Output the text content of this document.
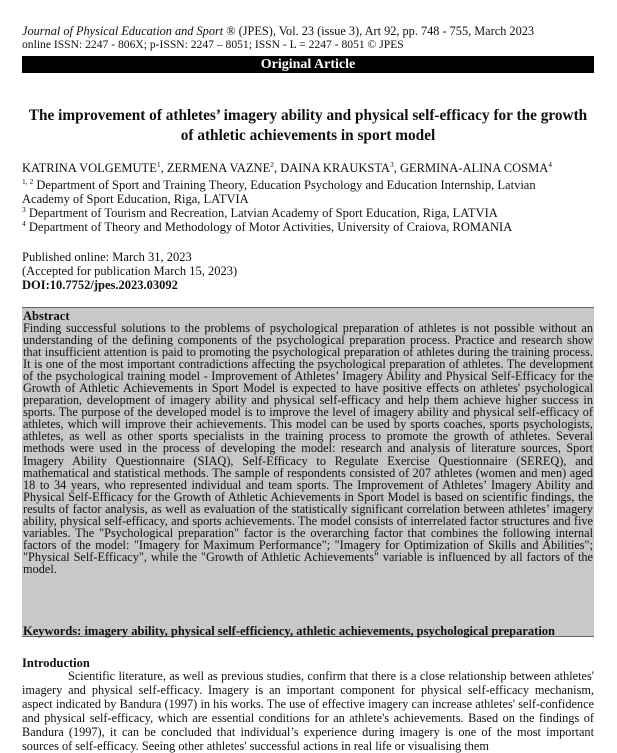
Journal of Physical Education and Sport ® (JPES), Vol. 23 (issue 3), Art 92, pp. 748 - 755, March 2023
online ISSN: 2247 - 806X; p-ISSN: 2247 – 8051; ISSN - L = 2247 - 8051 © JPES
Original Article
The improvement of athletes’ imagery ability and physical self-efficacy for the growth of athletic achievements in sport model
KATRINA VOLGEMUTE$^1$, ZERMENA VAZNE$^2$, DAINA KRAUKSTA$^3$, GERMINA-ALINA COSMA$^4$
$^{1, 2}$ Department of Sport and Training Theory, Education Psychology and Education Internship, Latvian
Academy of Sport Education, Riga, LATVIA
$^3$ Department of Tourism and Recreation, Latvian Academy of Sport Education, Riga, LATVIA
$^4$ Department of Theory and Methodology of Motor Activities, University of Craiova, ROMANIA
Published online: March 31, 2023
(Accepted for publication March 15, 2023)
DOI:10.7752/jpes.2023.03092
Abstract
Finding successful solutions to the problems of psychological preparation of athletes is not possible without an understanding of the defining components of the psychological preparation process. Practice and research show that insufficient attention is paid to promoting the psychological preparation of athletes during the training process. It is one of the most important contradictions affecting the psychological preparation of athletes. The development of the psychological training model - Improvement of Athletes’ Imagery Ability and Physical Self-Efficacy for the Growth of Athletic Achievements in Sport Model is expected to have positive effects on athletes' psychological preparation, development of imagery ability and physical self-efficacy and help them achieve higher success in sports. The purpose of the developed model is to improve the level of imagery ability and physical self-efficacy of athletes, which will improve their achievements. This model can be used by sports coaches, sports psychologists, athletes, as well as other sports specialists in the training process to promote the growth of athletes. Several methods were used in the process of developing the model: research and analysis of literature sources, Sport Imagery Ability Questionnaire (SIAQ), Self-Efficacy to Regulate Exercise Questionnaire (SEREQ), and mathematical and statistical methods. The sample of respondents consisted of 207 athletes (women and men) aged 18 to 34 years, who represented individual and team sports. The Improvement of Athletes’ Imagery Ability and Physical Self-Efficacy for the Growth of Athletic Achievements in Sport Model is based on scientific findings, the results of factor analysis, as well as evaluation of the statistically significant correlation between athletes’ imagery ability, physical self-efficacy, and sports achievements. The model consists of interrelated factor structures and five variables. The "Psychological preparation" factor is the overarching factor that combines the following internal factors of the model: "Imagery for Maximum Performance"; "Imagery for Optimization of Skills and Abilities"; "Physical Self-Efficacy", while the "Growth of Athletic Achievements" variable is influenced by all factors of the model.
Keywords: imagery ability, physical self-efficiency, athletic achievements, psychological preparation
Introduction
Scientific literature, as well as previous studies, confirm that there is a close relationship between athletes' imagery and physical self-efficacy. Imagery is an important component for physical self-efficacy mechanism, aspect indicated by Bandura (1997) in his works. The use of effective imagery can increase athletes' self-confidence and physical self-efficacy, which are essential conditions for an athlete's achievements. Based on the findings of Bandura (1997), it can be concluded that individual’s experience during imagery is one of the most important sources of self-efficacy. Seeing other athletes' successful actions in real life or visualising them
